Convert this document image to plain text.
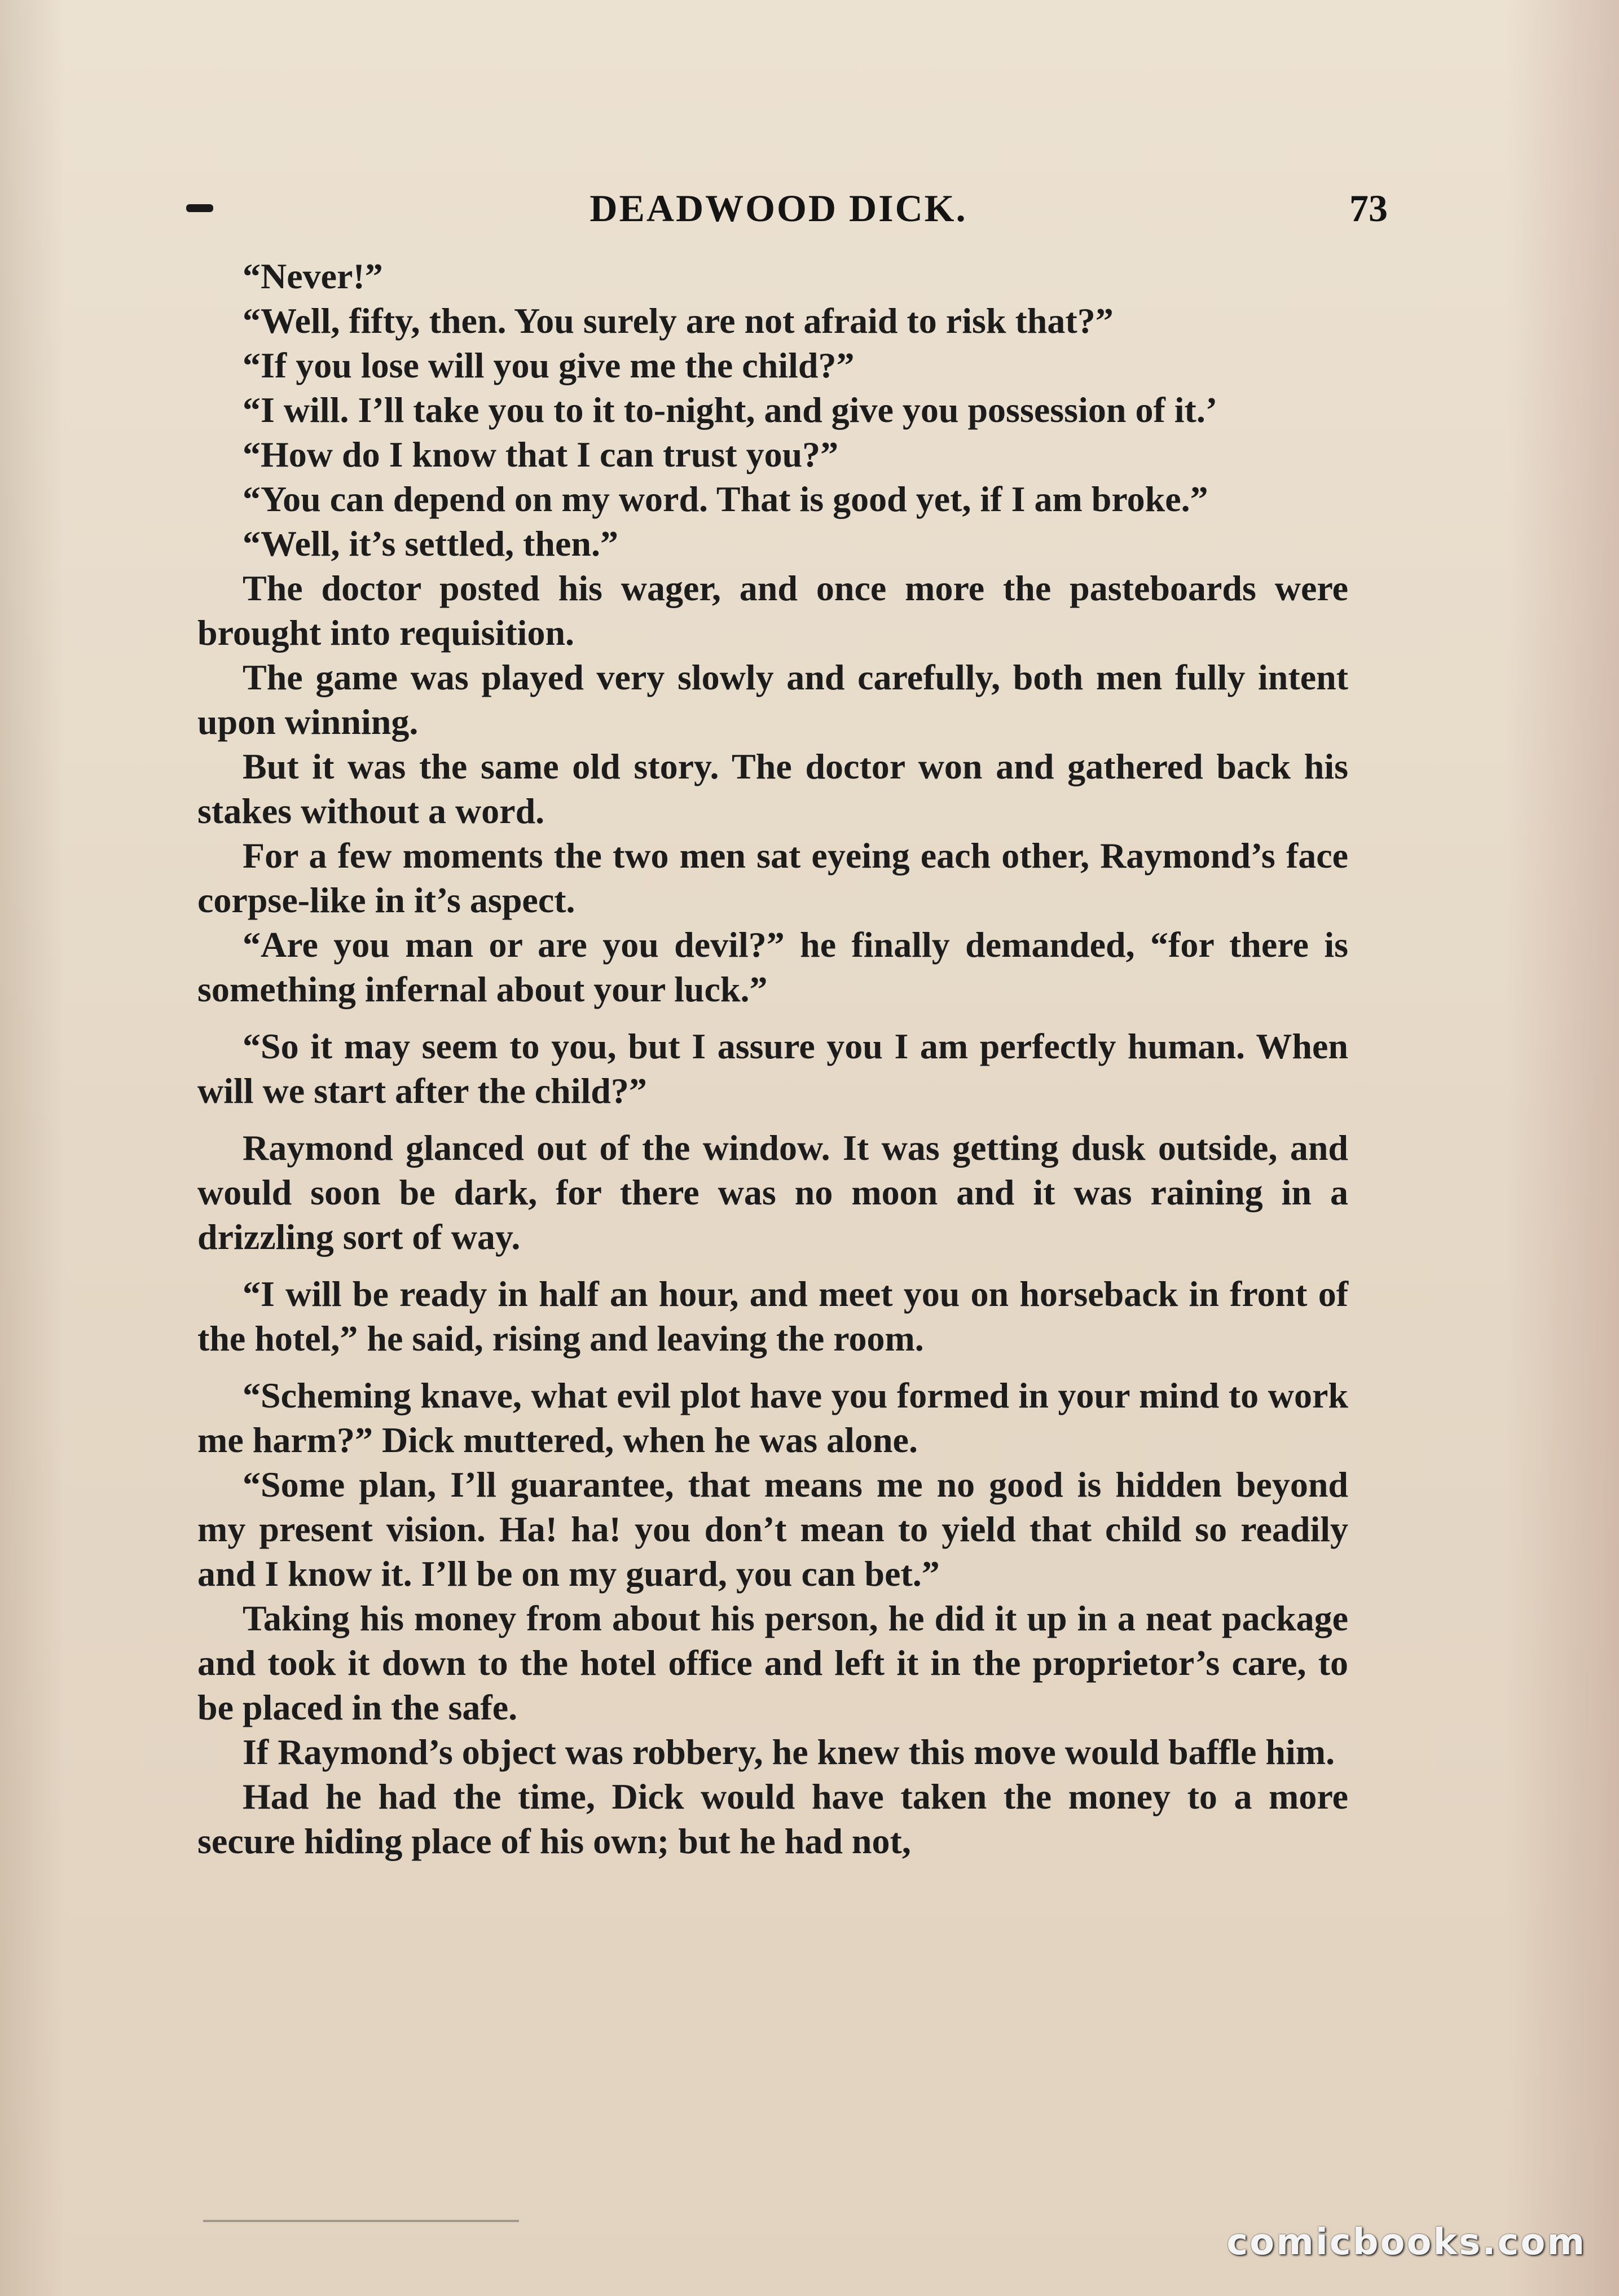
DEADWOOD DICK.	73

“Never!”

“Well, fifty, then. You surely are not afraid to risk that?”

“If you lose will you give me the child?”

“I will. I’ll take you to it to-night, and give you possession of it.’

“How do I know that I can trust you?”

“You can depend on my word. That is good yet, if I am broke.”

“Well, it’s settled, then.”

The doctor posted his wager, and once more the pasteboards were brought into requisition.

The game was played very slowly and carefully, both men fully intent upon winning.

But it was the same old story. The doctor won and gathered back his stakes without a word.

For a few moments the two men sat eyeing each other, Raymond’s face corpse-like in it’s aspect.

“Are you man or are you devil?” he finally demanded, “for there is something infernal about your luck.”

“So it may seem to you, but I assure you I am perfectly human. When will we start after the child?”

Raymond glanced out of the window. It was getting dusk outside, and would soon be dark, for there was no moon and it was raining in a drizzling sort of way.

“I will be ready in half an hour, and meet you on horseback in front of the hotel,” he said, rising and leaving the room.

“Scheming knave, what evil plot have you formed in your mind to work me harm?” Dick muttered, when he was alone.

“Some plan, I’ll guarantee, that means me no good is hidden beyond my present vision. Ha! ha! you don’t mean to yield that child so readily and I know it. I’ll be on my guard, you can bet.”

Taking his money from about his person, he did it up in a neat package and took it down to the hotel office and left it in the proprietor’s care, to be placed in the safe.

If Raymond’s object was robbery, he knew this move would baffle him.

Had he had the time, Dick would have taken the money to a more secure hiding place of his own; but he had not,

comicbooks.com
